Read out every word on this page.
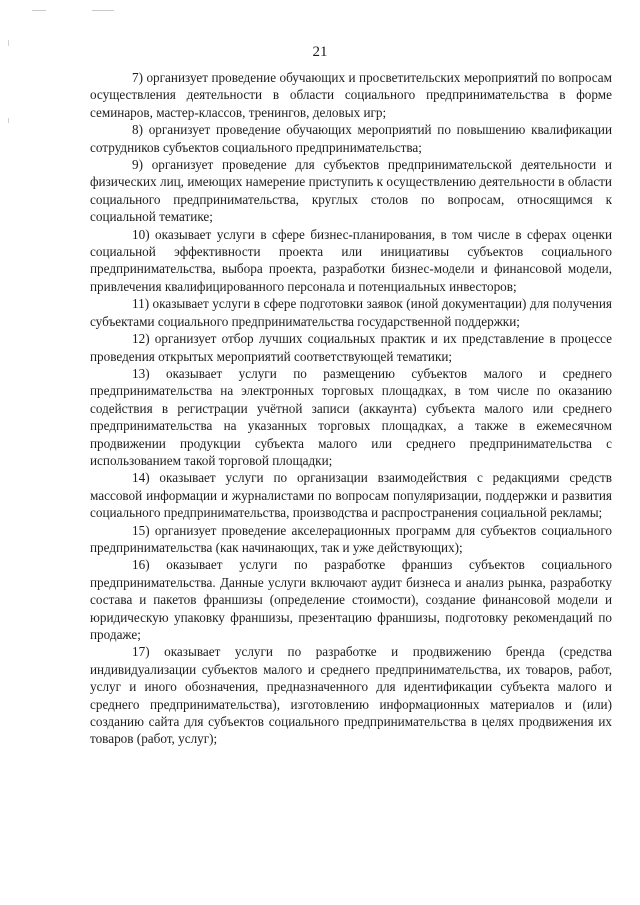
21

7) организует проведение обучающих и просветительских мероприятий по вопросам осуществления деятельности в области социального предпринимательства в форме семинаров, мастер-классов, тренингов, деловых игр;

8) организует проведение обучающих мероприятий по повышению квалификации сотрудников субъектов социального предпринимательства;

9) организует проведение для субъектов предпринимательской деятельности и физических лиц, имеющих намерение приступить к осуществлению деятельности в области социального предпринимательства, круглых столов по вопросам, относящимся к социальной тематике;

10) оказывает услуги в сфере бизнес-планирования, в том числе в сферах оценки социальной эффективности проекта или инициативы субъектов социального предпринимательства, выбора проекта, разработки бизнес-модели и финансовой модели, привлечения квалифицированного персонала и потенциальных инвесторов;

11) оказывает услуги в сфере подготовки заявок (иной документации) для получения субъектами социального предпринимательства государственной поддержки;

12) организует отбор лучших социальных практик и их представление в процессе проведения открытых мероприятий соответствующей тематики;

13) оказывает услуги по размещению субъектов малого и среднего предпринимательства на электронных торговых площадках, в том числе по оказанию содействия в регистрации учётной записи (аккаунта) субъекта малого или среднего предпринимательства на указанных торговых площадках, а также в ежемесячном продвижении продукции субъекта малого или среднего предпринимательства с использованием такой торговой площадки;

14) оказывает услуги по организации взаимодействия с редакциями средств массовой информации и журналистами по вопросам популяризации, поддержки и развития социального предпринимательства, производства и распространения социальной рекламы;

15) организует проведение акселерационных программ для субъектов социального предпринимательства (как начинающих, так и уже действующих);

16) оказывает услуги по разработке франшиз субъектов социального предпринимательства. Данные услуги включают аудит бизнеса и анализ рынка, разработку состава и пакетов франшизы (определение стоимости), создание финансовой модели и юридическую упаковку франшизы, презентацию франшизы, подготовку рекомендаций по продаже;

17) оказывает услуги по разработке и продвижению бренда (средства индивидуализации субъектов малого и среднего предпринимательства, их товаров, работ, услуг и иного обозначения, предназначенного для идентификации субъекта малого и среднего предпринимательства), изготовлению информационных материалов и (или) созданию сайта для субъектов социального предпринимательства в целях продвижения их товаров (работ, услуг);
